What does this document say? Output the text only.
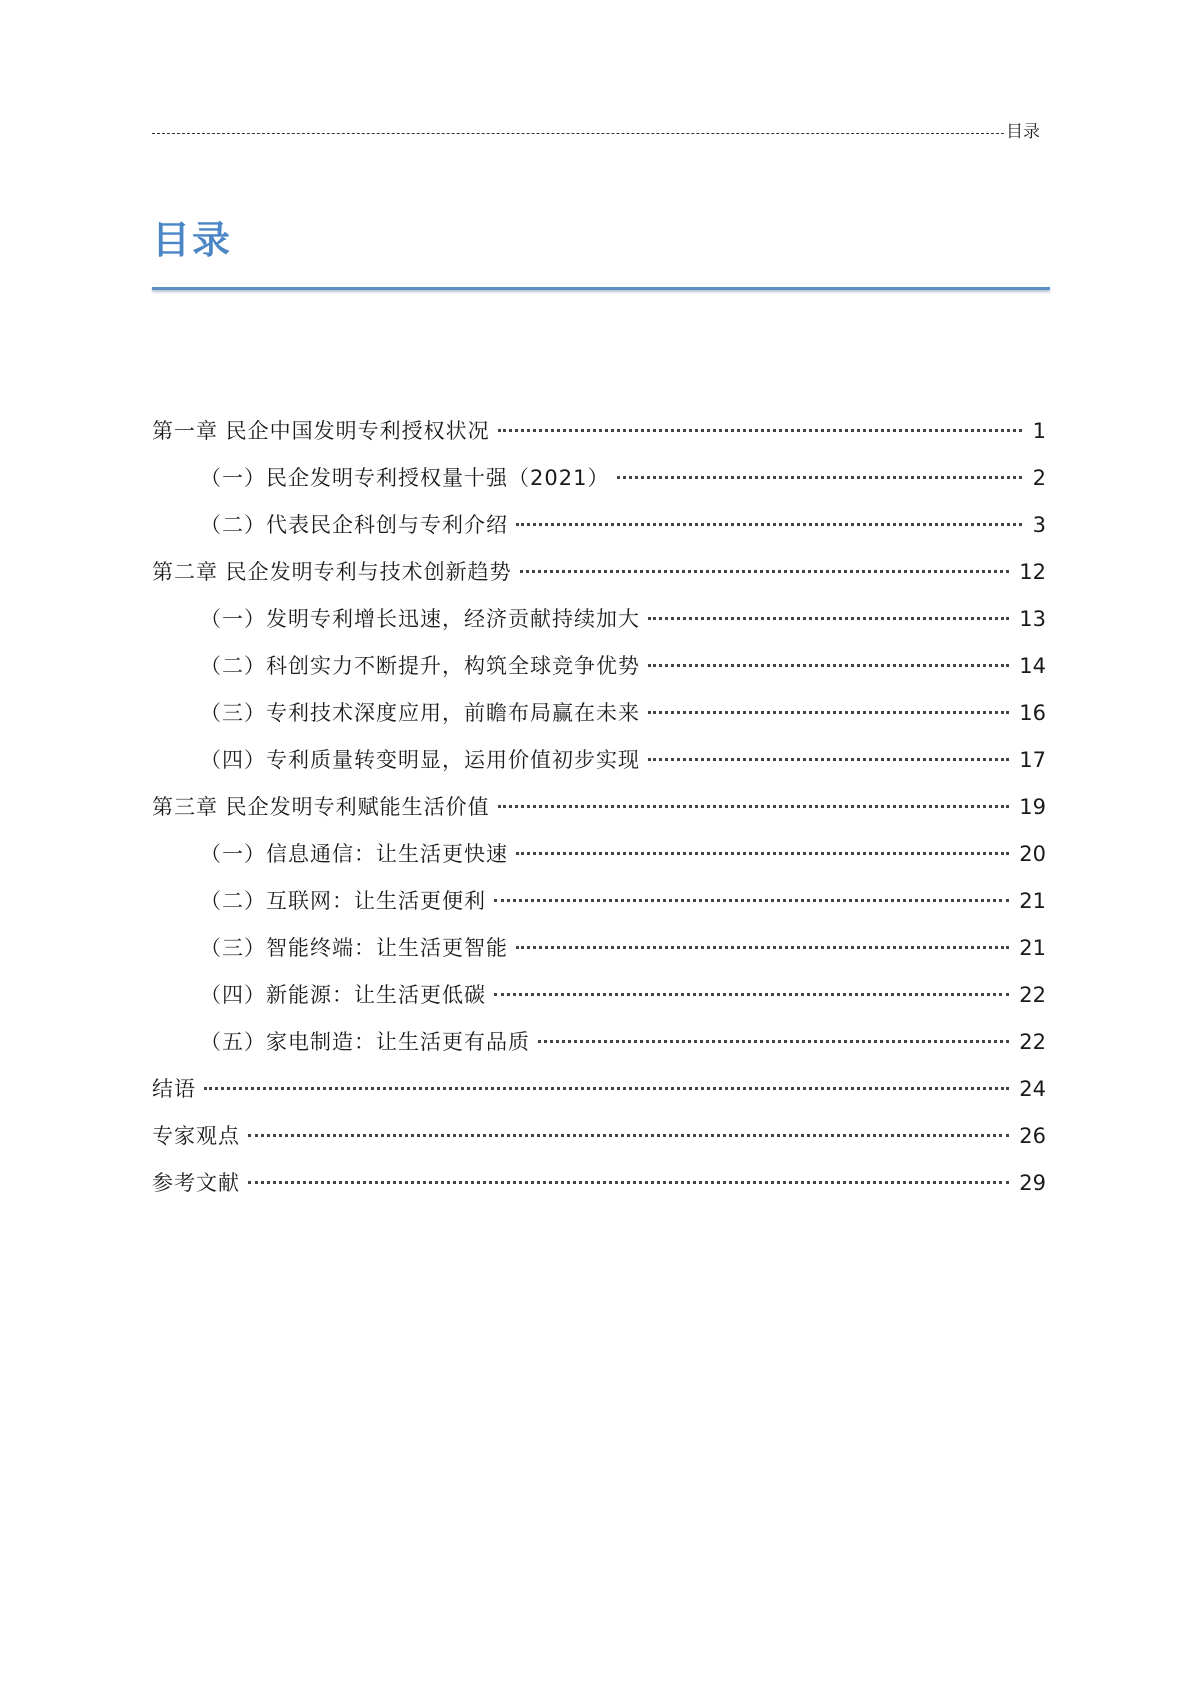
目录
目录
第一章 民企中国发明专利授权状况	1
（一）民企发明专利授权量十强（2021）	2
（二）代表民企科创与专利介绍	3
第二章 民企发明专利与技术创新趋势	12
（一）发明专利增长迅速，经济贡献持续加大	13
（二）科创实力不断提升，构筑全球竞争优势	14
（三）专利技术深度应用，前瞻布局赢在未来	16
（四）专利质量转变明显，运用价值初步实现	17
第三章 民企发明专利赋能生活价值	19
（一）信息通信：让生活更快速	20
（二）互联网：让生活更便利	21
（三）智能终端：让生活更智能	21
（四）新能源：让生活更低碳	22
（五）家电制造：让生活更有品质	22
结语	24
专家观点	26
参考文献	29
